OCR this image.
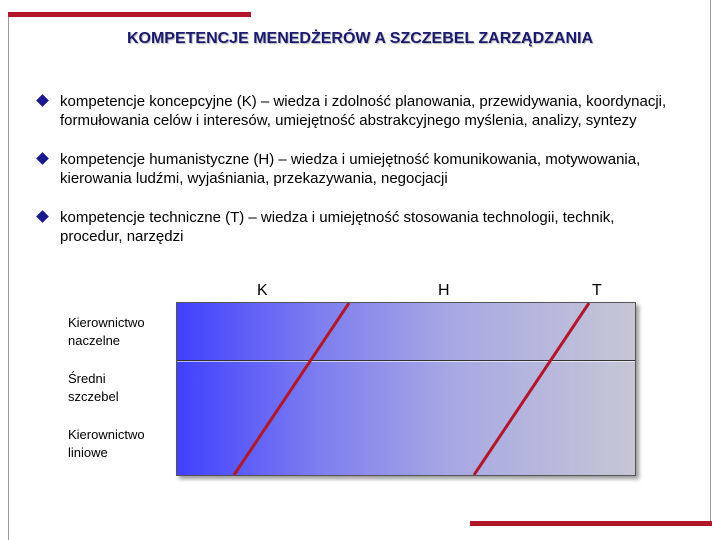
KOMPETENCJE MENEDŻERÓW A SZCZEBEL ZARZĄDZANIA
kompetencje koncepcyjne (K) – wiedza i zdolność planowania, przewidywania, koordynacji, formułowania celów i interesów, umiejętność abstrakcyjnego myślenia, analizy, syntezy
kompetencje humanistyczne (H) – wiedza i umiejętność komunikowania, motywowania, kierowania ludźmi, wyjaśniania, przekazywania, negocjacji
kompetencje techniczne (T) – wiedza i umiejętność stosowania technologii, technik, procedur, narzędzi
K	H	T
Kierownictwo
naczelne
Średni
szczebel
Kierownictwo
liniowe
